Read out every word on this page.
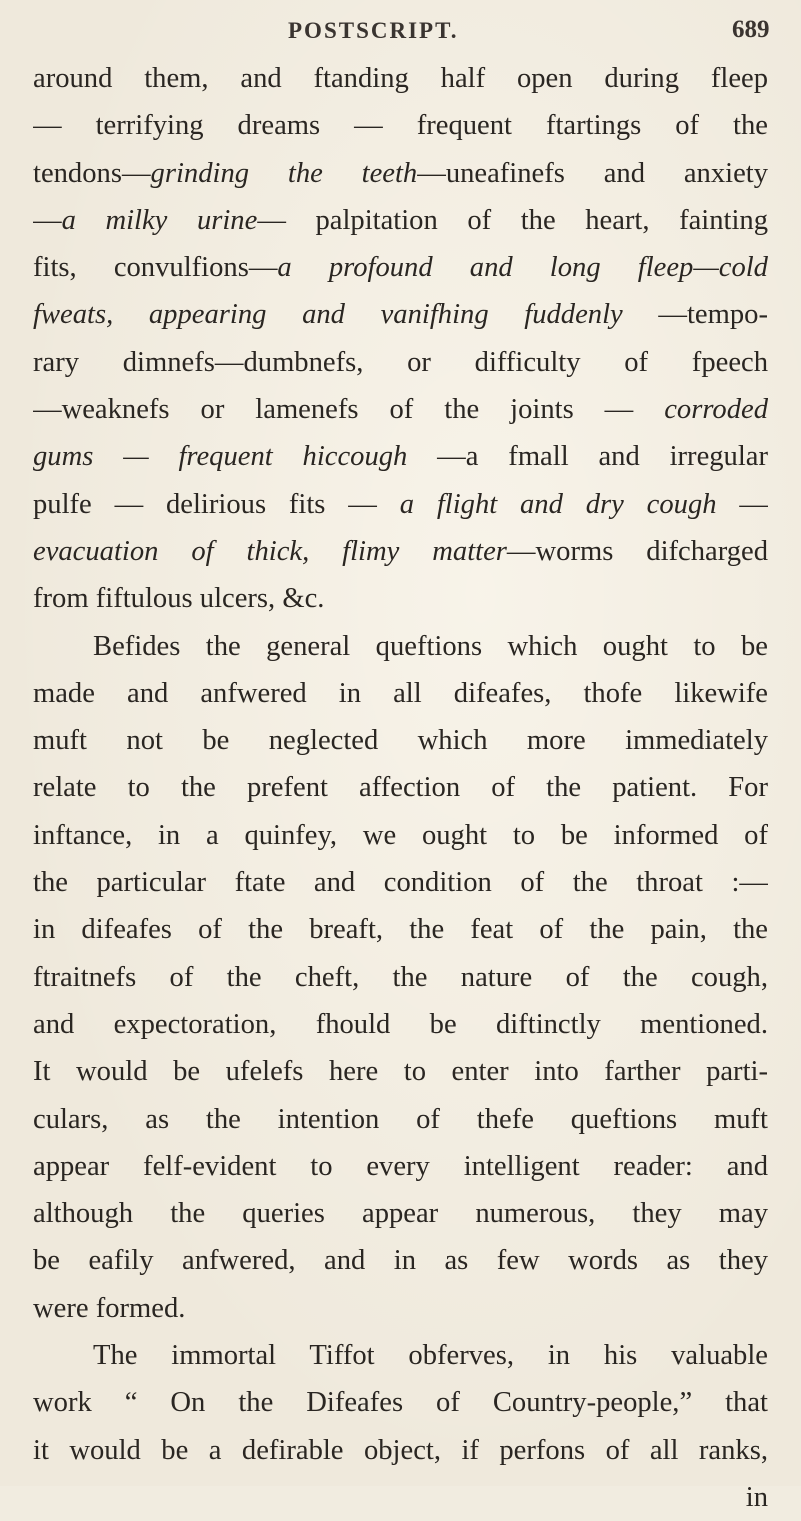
POSTSCRIPT.	689
around them, and ftanding half open during fleep
— terrifying dreams — frequent ftartings of the
tendons—grinding the teeth—uneafinefs and anxiety
—a milky urine— palpitation of the heart, fainting
fits, convulfions—a profound and long fleep—cold
fweats, appearing and vanifhing fuddenly —tempo-
rary dimnefs—dumbnefs, or difficulty of fpeech
—weaknefs or lamenefs of the joints — corroded
gums — frequent hiccough —a fmall and irregular
pulfe — delirious fits — a flight and dry cough —
evacuation of thick, flimy matter—worms difcharged
from fiftulous ulcers, &c.
Befides the general queftions which ought to be
made and anfwered in all difeafes, thofe likewife
muft not be neglected which more immediately
relate to the prefent affection of the patient. For
inftance, in a quinfey, we ought to be informed of
the particular ftate and condition of the throat :—
in difeafes of the breaft, the feat of the pain, the
ftraitnefs of the cheft, the nature of the cough,
and expectoration, fhould be diftinctly mentioned.
It would be ufelefs here to enter into farther parti-
culars, as the intention of thefe queftions muft
appear felf-evident to every intelligent reader: and
although the queries appear numerous, they may
be eafily anfwered, and in as few words as they
were formed.
The immortal Tiffot obferves, in his valuable
work “ On the Difeafes of Country-people,” that
it would be a defirable object, if perfons of all ranks,
in
